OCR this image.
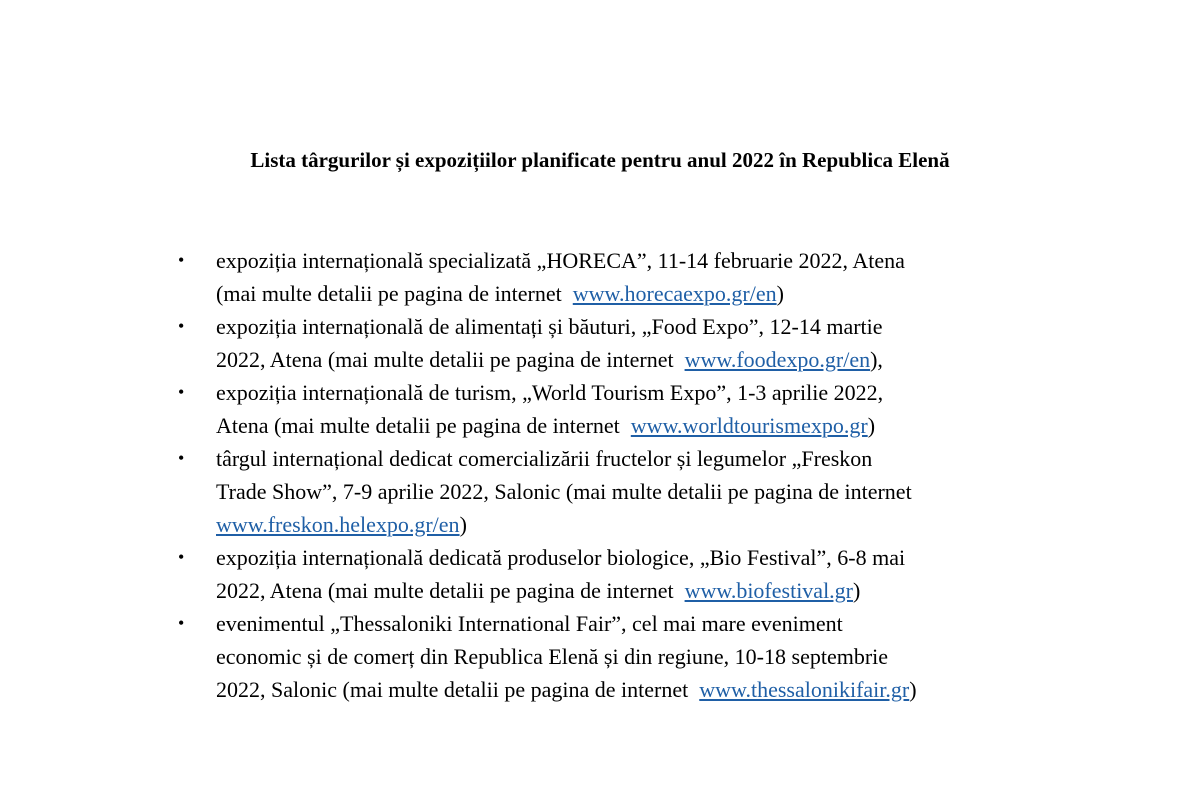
Lista târgurilor și expozițiilor planificate pentru anul 2022 în Republica Elenă
• expoziția internațională specializată „HORECA”, 11-14 februarie 2022, Atena
(mai multe detalii pe pagina de internet  www.horecaexpo.gr/en)
• expoziția internațională de alimentați și băuturi, „Food Expo”, 12-14 martie
2022, Atena (mai multe detalii pe pagina de internet  www.foodexpo.gr/en),
• expoziția internațională de turism, „World Tourism Expo”, 1-3 aprilie 2022,
Atena (mai multe detalii pe pagina de internet  www.worldtourismexpo.gr)
• târgul internațional dedicat comercializării fructelor și legumelor „Freskon
Trade Show”, 7-9 aprilie 2022, Salonic (mai multe detalii pe pagina de internet
www.freskon.helexpo.gr/en)
• expoziția internațională dedicată produselor biologice, „Bio Festival”, 6-8 mai
2022, Atena (mai multe detalii pe pagina de internet  www.biofestival.gr)
• evenimentul „Thessaloniki International Fair”, cel mai mare eveniment
economic și de comerț din Republica Elenă și din regiune, 10-18 septembrie
2022, Salonic (mai multe detalii pe pagina de internet  www.thessalonikifair.gr)
